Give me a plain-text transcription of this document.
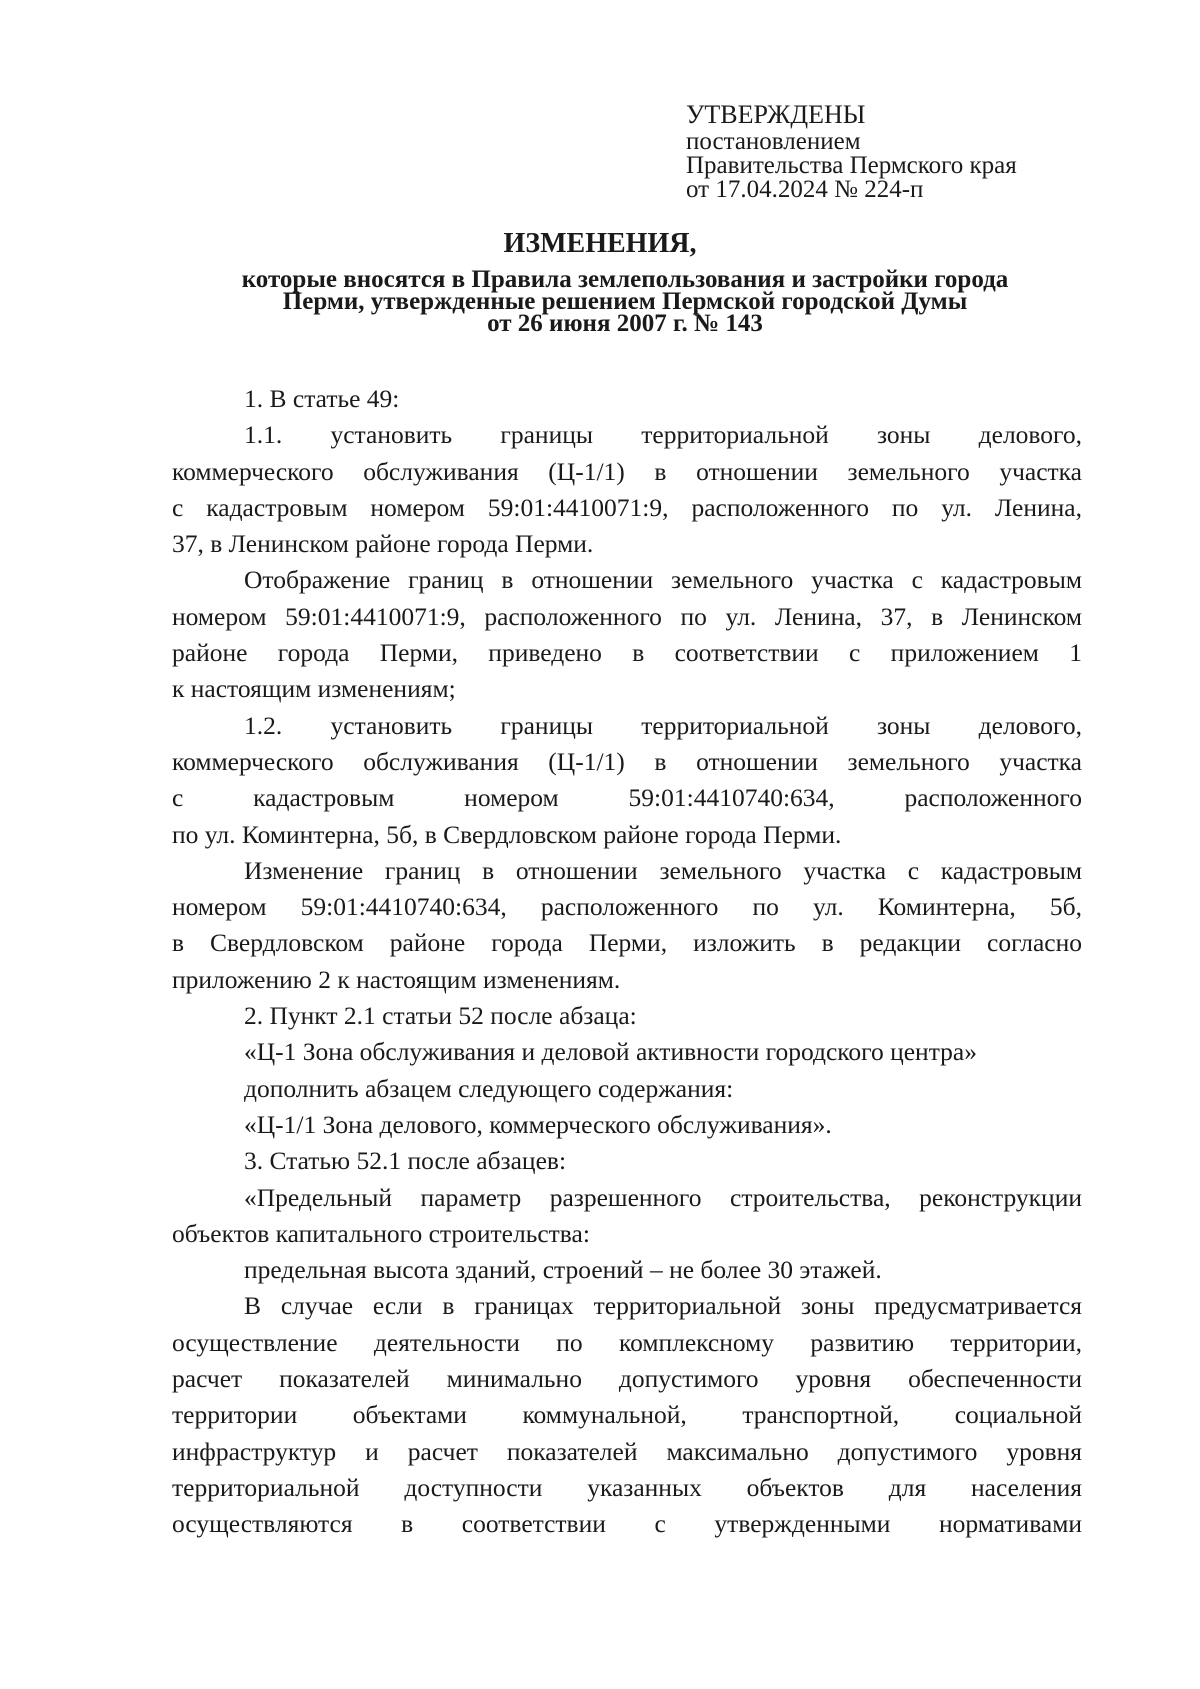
УТВЕРЖДЕНЫ
постановлением
Правительства Пермского края
от 17.04.2024 № 224-п
ИЗМЕНЕНИЯ,
которые вносятся в Правила землепользования и застройки города
Перми, утвержденные решением Пермской городской Думы
от 26 июня 2007 г. № 143
1. В статье 49:
1.1. установить границы территориальной зоны делового,
коммерческого обслуживания (Ц-1/1) в отношении земельного участка
с кадастровым номером 59:01:4410071:9, расположенного по ул. Ленина,
37, в Ленинском районе города Перми.
Отображение границ в отношении земельного участка с кадастровым
номером 59:01:4410071:9, расположенного по ул. Ленина, 37, в Ленинском
районе города Перми, приведено в соответствии с приложением 1
к настоящим изменениям;
1.2. установить границы территориальной зоны делового,
коммерческого обслуживания (Ц-1/1) в отношении земельного участка
с кадастровым номером 59:01:4410740:634, расположенного
по ул. Коминтерна, 5б, в Свердловском районе города Перми.
Изменение границ в отношении земельного участка с кадастровым
номером 59:01:4410740:634, расположенного по ул. Коминтерна, 5б,
в Свердловском районе города Перми, изложить в редакции согласно
приложению 2 к настоящим изменениям.
2. Пункт 2.1 статьи 52 после абзаца:
«Ц-1 Зона обслуживания и деловой активности городского центра»
дополнить абзацем следующего содержания:
«Ц-1/1 Зона делового, коммерческого обслуживания».
3. Статью 52.1 после абзацев:
«Предельный параметр разрешенного строительства, реконструкции
объектов капитального строительства:
предельная высота зданий, строений – не более 30 этажей.
В случае если в границах территориальной зоны предусматривается
осуществление деятельности по комплексному развитию территории,
расчет показателей минимально допустимого уровня обеспеченности
территории объектами коммунальной, транспортной, социальной
инфраструктур и расчет показателей максимально допустимого уровня
территориальной доступности указанных объектов для населения
осуществляются в соответствии с утвержденными нормативами
